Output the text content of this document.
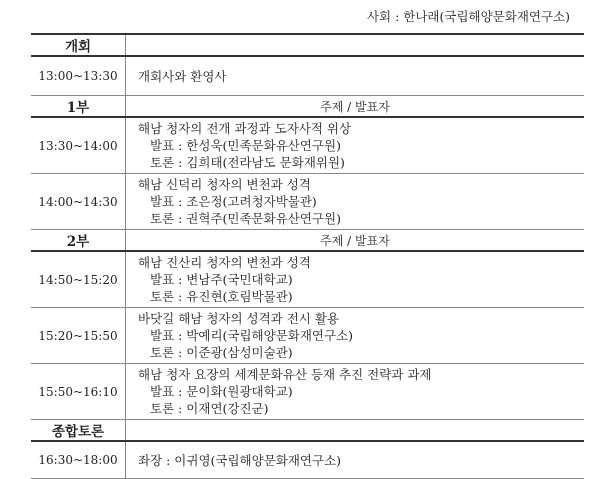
사회 : 한나래(국립해양문화재연구소)
개회	
13:00~13:30	개회사와 환영사
1부	주제 / 발표자
13:30~14:00	해남 청자의 전개 과정과 도자사적 위상
발표 : 한성욱(민족문화유산연구원)
토론 : 김희태(전라남도 문화재위원)

14:00~14:30	해남 신덕리 청자의 변천과 성격
발표 : 조은정(고려청자박물관)
토론 : 권혁주(민족문화유산연구원)

2부	주제 / 발표자
14:50~15:20	해남 진산리 청자의 변천과 성격
발표 : 변남주(국민대학교)
토론 : 유진현(호림박물관)

15:20~15:50	바닷길 해남 청자의 성격과 전시 활용
발표 : 박예리(국립해양문화재연구소)
토론 : 이준광(삼성미술관)

15:50~16:10	해남 청자 요장의 세계문화유산 등재 추진 전략과 과제
발표 : 문이화(원광대학교)
토론 : 이재연(강진군)

종합토론	
16:30~18:00	좌장 : 이귀영(국립해양문화재연구소)
